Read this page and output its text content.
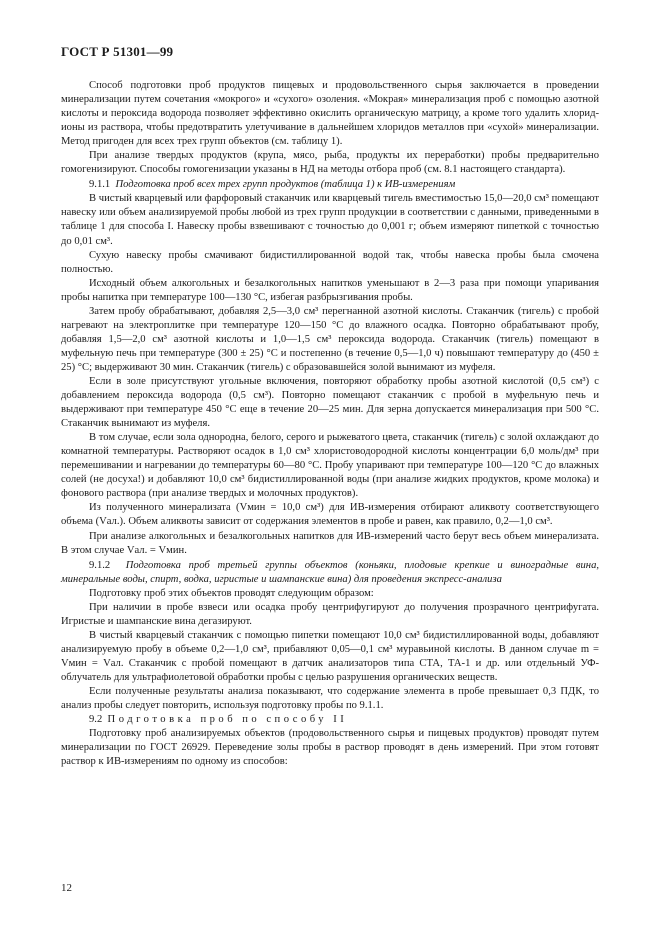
ГОСТ Р 51301—99

Способ подготовки проб продуктов пищевых и продовольственного сырья заключается в проведении минерализации путем сочетания «мокрого» и «сухого» озоления. «Мокрая» минерализация проб с помощью азотной кислоты и пероксида водорода позволяет эффективно окислить органическую матрицу, а кроме того удалить хлорид-ионы из раствора, чтобы предотвратить улетучивание в дальнейшем хлоридов металлов при «сухой» минерализации. Метод пригоден для всех трех групп объектов (см. таблицу 1).

При анализе твердых продуктов (крупа, мясо, рыба, продукты их переработки) пробы предварительно гомогенизируют. Способы гомогенизации указаны в НД на методы отбора проб (см. 8.1 настоящего стандарта).

9.1.1 Подготовка проб всех трех групп продуктов (таблица 1) к ИВ-измерениям

В чистый кварцевый или фарфоровый стаканчик или кварцевый тигель вместимостью 15,0—20,0 см³ помещают навеску или объем анализируемой пробы любой из трех групп продукции в соответствии с данными, приведенными в таблице 1 для способа I. Навеску пробы взвешивают с точностью до 0,001 г; объем измеряют пипеткой с точностью до 0,01 см³.

Сухую навеску пробы смачивают бидистиллированной водой так, чтобы навеска пробы была смочена полностью.

Исходный объем алкогольных и безалкогольных напитков уменьшают в 2—3 раза при помощи упаривания пробы напитка при температуре 100—130 °С, избегая разбрызгивания пробы.

Затем пробу обрабатывают, добавляя 2,5—3,0 см³ перегнанной азотной кислоты. Стаканчик (тигель) с пробой нагревают на электроплитке при температуре 120—150 °С до влажного осадка. Повторно обрабатывают пробу, добавляя 1,5—2,0 см³ азотной кислоты и 1,0—1,5 см³ пероксида водорода. Стаканчик (тигель) помещают в муфельную печь при температуре (300 ± 25) °С и постепенно (в течение 0,5—1,0 ч) повышают температуру до (450 ± 25) °С; выдерживают 30 мин. Стаканчик (тигель) с образовавшейся золой вынимают из муфеля.

Если в золе присутствуют угольные включения, повторяют обработку пробы азотной кислотой (0,5 см³) с добавлением пероксида водорода (0,5 см³). Повторно помещают стаканчик с пробой в муфельную печь и выдерживают при температуре 450 °С еще в течение 20—25 мин. Для зерна допускается минерализация при 500 °С. Стаканчик вынимают из муфеля.

В том случае, если зола однородна, белого, серого и рыжеватого цвета, стаканчик (тигель) с золой охлаждают до комнатной температуры. Растворяют осадок в 1,0 см³ хлористоводородной кислоты концентрации 6,0 моль/дм³ при перемешивании и нагревании до температуры 60—80 °С. Пробу упаривают при температуре 100—120 °С до влажных солей (не досуха!) и добавляют 10,0 см³ бидистиллированной воды (при анализе жидких продуктов, кроме молока) и фонового раствора (при анализе твердых и молочных продуктов).

Из полученного минерализата (Vмин = 10,0 см³) для ИВ-измерения отбирают аликвоту соответствующего объема (Vал.). Объем аликвоты зависит от содержания элементов в пробе и равен, как правило, 0,2—1,0 см³.

При анализе алкогольных и безалкогольных напитков для ИВ-измерений часто берут весь объем минерализата. В этом случае Vал. = Vмин.

9.1.2 Подготовка проб третьей группы объектов (коньяки, плодовые крепкие и виноградные вина, минеральные воды, спирт, водка, игристые и шампанские вина) для проведения экспресс-анализа

Подготовку проб этих объектов проводят следующим образом:

При наличии в пробе взвеси или осадка пробу центрифугируют до получения прозрачного центрифугата. Игристые и шампанские вина дегазируют.

В чистый кварцевый стаканчик с помощью пипетки помещают 10,0 см³ бидистиллированной воды, добавляют анализируемую пробу в объеме 0,2—1,0 см³, прибавляют 0,05—0,1 см³ муравьиной кислоты. В данном случае m = Vмин = Vал. Стаканчик с пробой помещают в датчик анализаторов типа СТА, ТА-1 и др. или отдельный УФ-облучатель для ультрафиолетовой обработки пробы с целью разрушения органических веществ.

Если полученные результаты анализа показывают, что содержание элемента в пробе превышает 0,3 ПДК, то анализ пробы следует повторить, используя подготовку пробы по 9.1.1.

9.2 Подготовка проб по способу II

Подготовку проб анализируемых объектов (продовольственного сырья и пищевых продуктов) проводят путем минерализации по ГОСТ 26929. Переведение золы пробы в раствор проводят в день измерений. При этом готовят раствор к ИВ-измерениям по одному из способов:

12
